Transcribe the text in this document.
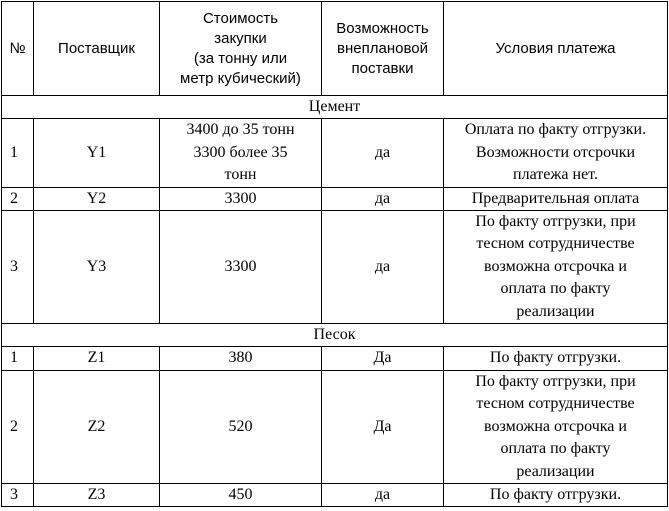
№	Поставщик	Стоимость
закупки
(за тонну или
метр кубический)	Возможность
внеплановой
поставки	Условия платежа
Цемент				
1	Y1	3400 до 35 тонн
3300 более 35
тонн	да	Оплата по факту отгрузки.
Возможности отсрочки
платежа нет.
2	Y2	3300	да	Предварительная оплата
3	Y3	3300	да	По факту отгрузки, при
тесном сотрудничестве
возможна отсрочка и
оплата по факту
реализации
Песок				
1	Z1	380	Да	По факту отгрузки.
2	Z2	520	Да	По факту отгрузки, при
тесном сотрудничестве
возможна отсрочка и
оплата по факту
реализации
3	Z3	450	да	По факту отгрузки.
